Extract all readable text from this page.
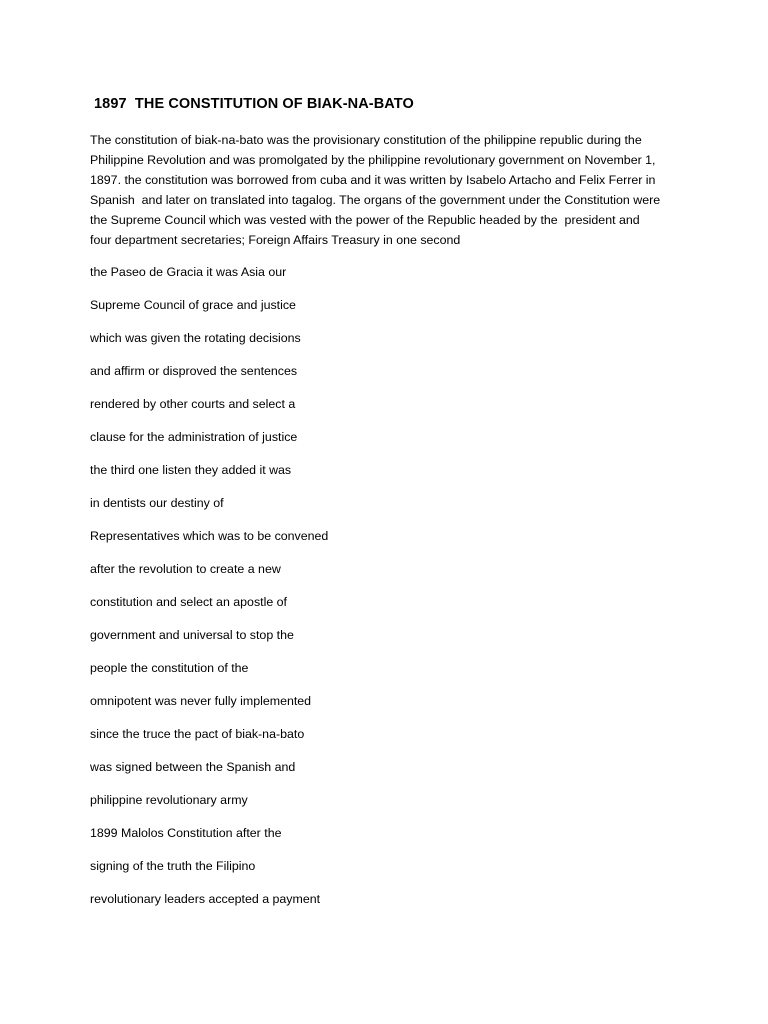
1897  THE CONSTITUTION OF BIAK-NA-BATO

The constitution of biak-na-bato was the provisionary constitution of the philippine republic during the
Philippine Revolution and was promolgated by the philippine revolutionary government on November 1,
1897. the constitution was borrowed from cuba and it was written by Isabelo Artacho and Felix Ferrer in
Spanish  and later on translated into tagalog. The organs of the government under the Constitution were
the Supreme Council which was vested with the power of the Republic headed by the  president and
four department secretaries; Foreign Affairs Treasury in one second

the Paseo de Gracia it was Asia our
Supreme Council of grace and justice
which was given the rotating decisions
and affirm or disproved the sentences
rendered by other courts and select a
clause for the administration of justice
the third one listen they added it was
in dentists our destiny of
Representatives which was to be convened
after the revolution to create a new
constitution and select an apostle of
government and universal to stop the
people the constitution of the
omnipotent was never fully implemented
since the truce the pact of biak-na-bato
was signed between the Spanish and
philippine revolutionary army
1899 Malolos Constitution after the
signing of the truth the Filipino
revolutionary leaders accepted a payment
